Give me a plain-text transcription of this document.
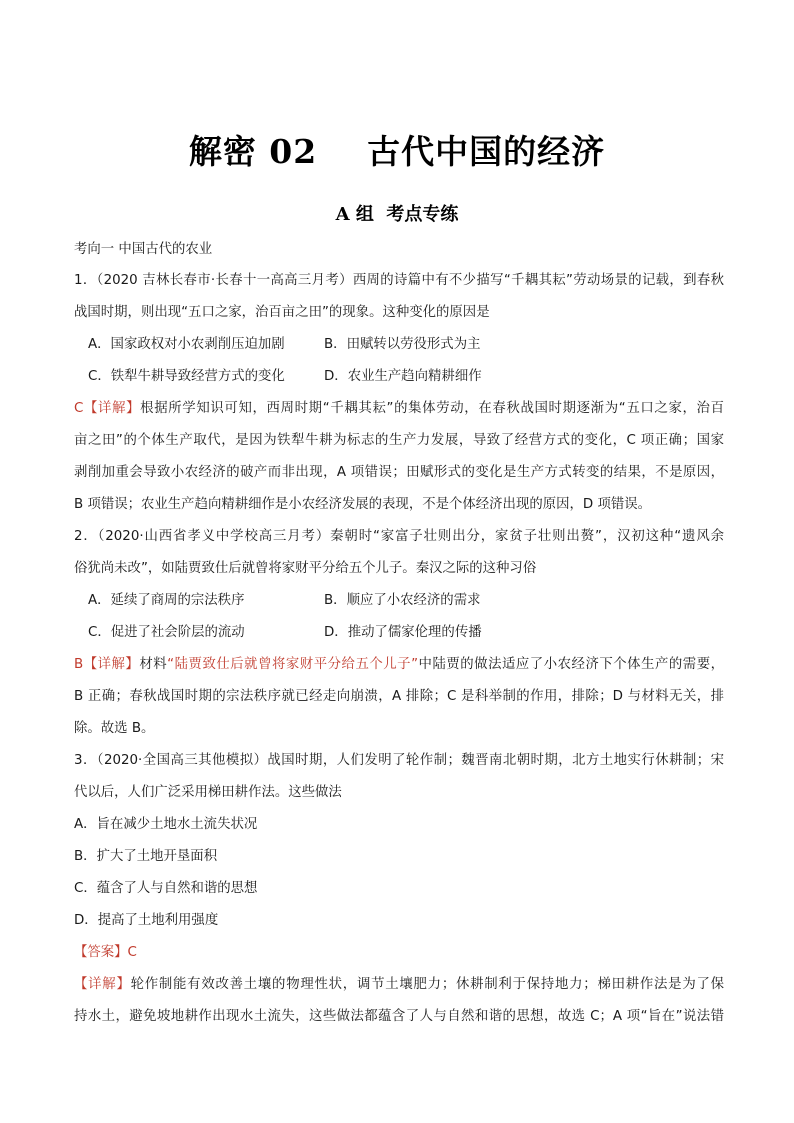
解密 02    古代中国的经济
A 组  考点专练
考向一 中国古代的农业
1．（2020 吉林长春市·长春十一高高三月考）西周的诗篇中有不少描写“千耦其耘”劳动场景的记载，到春秋
战国时期，则出现“五口之家，治百亩之田”的现象。这种变化的原因是
A．国家政权对小农剥削压迫加剧	B．田赋转以劳役形式为主
C．铁犁牛耕导致经营方式的变化	D．农业生产趋向精耕细作
C【详解】根据所学知识可知，西周时期“千耦其耘”的集体劳动，在春秋战国时期逐渐为“五口之家，治百
亩之田”的个体生产取代，是因为铁犁牛耕为标志的生产力发展，导致了经营方式的变化，C 项正确；国家
剥削加重会导致小农经济的破产而非出现，A 项错误；田赋形式的变化是生产方式转变的结果，不是原因，
B 项错误；农业生产趋向精耕细作是小农经济发展的表现，不是个体经济出现的原因，D 项错误。
2．（2020·山西省孝义中学校高三月考）秦朝时“家富子壮则出分，家贫子壮则出赘”，汉初这种“遗风余
俗犹尚未改”，如陆贾致仕后就曾将家财平分给五个儿子。秦汉之际的这种习俗
A．延续了商周的宗法秩序	B．顺应了小农经济的需求
C．促进了社会阶层的流动	D．推动了儒家伦理的传播
B【详解】材料“陆贾致仕后就曾将家财平分给五个儿子”中陆贾的做法适应了小农经济下个体生产的需要，
B 正确；春秋战国时期的宗法秩序就已经走向崩溃，A 排除；C 是科举制的作用，排除；D 与材料无关，排
除。故选 B。
3．（2020·全国高三其他模拟）战国时期，人们发明了轮作制；魏晋南北朝时期，北方土地实行休耕制；宋
代以后，人们广泛采用梯田耕作法。这些做法
A．旨在减少土地水土流失状况
B．扩大了土地开垦面积
C．蕴含了人与自然和谐的思想
D．提高了土地利用强度
【答案】C
【详解】轮作制能有效改善土壤的物理性状，调节土壤肥力；休耕制利于保持地力；梯田耕作法是为了保
持水土，避免坡地耕作出现水土流失，这些做法都蕴含了人与自然和谐的思想，故选 C；A 项“旨在”说法错
